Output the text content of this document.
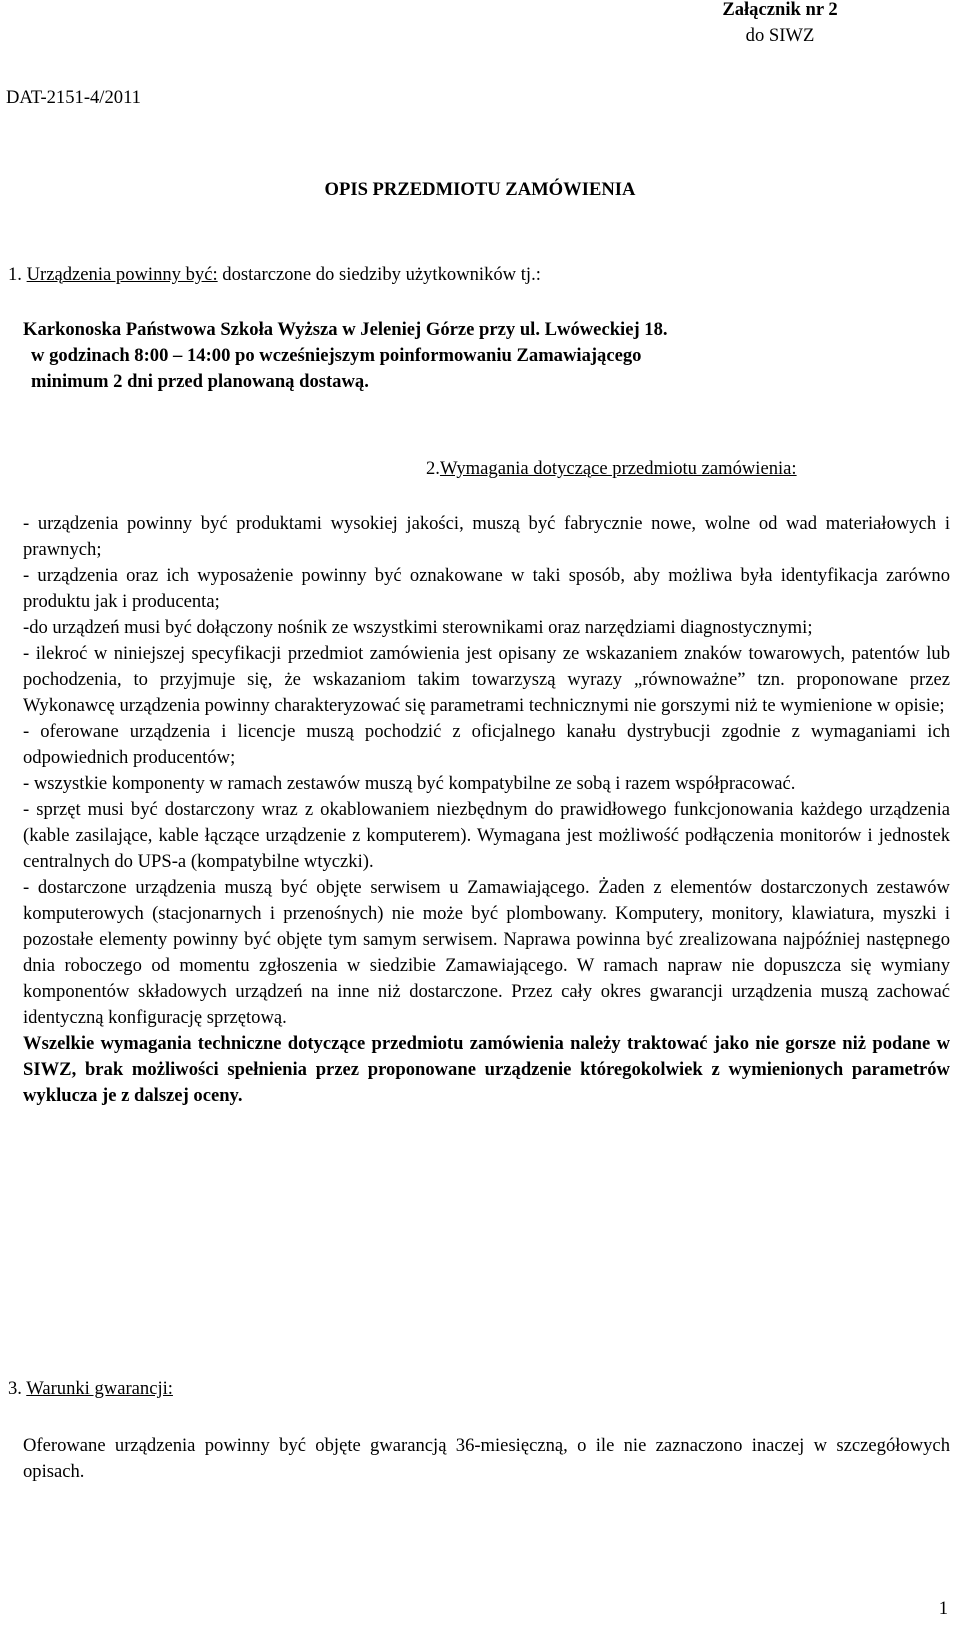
Załącznik nr 2
do SIWZ
DAT-2151-4/2011
OPIS PRZEDMIOTU ZAMÓWIENIA
1. Urządzenia powinny być: dostarczone do siedziby użytkowników tj.:
Karkonoska Państwowa Szkoła Wyższa w Jeleniej Górze przy ul. Lwóweckiej 18.
w godzinach 8:00 – 14:00 po wcześniejszym poinformowaniu Zamawiającego
minimum 2 dni przed planowaną dostawą.
2.Wymagania dotyczące przedmiotu zamówienia:

- urządzenia powinny być produktami wysokiej jakości, muszą być fabrycznie nowe, wolne od wad materiałowych i prawnych;

- urządzenia oraz ich wyposażenie powinny być oznakowane w taki sposób, aby możliwa była identyfikacja zarówno produktu jak i producenta;

-do urządzeń musi być dołączony nośnik ze wszystkimi sterownikami oraz narzędziami diagnostycznymi;

- ilekroć w niniejszej specyfikacji przedmiot zamówienia jest opisany ze wskazaniem znaków towarowych, patentów lub pochodzenia, to przyjmuje się, że wskazaniom takim towarzyszą wyrazy „równoważne” tzn. proponowane przez Wykonawcę urządzenia powinny charakteryzować się parametrami technicznymi nie gorszymi niż te wymienione w opisie;

- oferowane urządzenia i licencje muszą pochodzić z oficjalnego kanału dystrybucji zgodnie z wymaganiami ich odpowiednich producentów;

- wszystkie komponenty w ramach zestawów muszą być kompatybilne ze sobą i razem współpracować.

- sprzęt musi być dostarczony wraz z okablowaniem niezbędnym do prawidłowego funkcjonowania każdego urządzenia (kable zasilające, kable łączące urządzenie z komputerem). Wymagana jest możliwość podłączenia monitorów i jednostek centralnych do UPS-a (kompatybilne wtyczki).

- dostarczone urządzenia muszą być objęte serwisem u Zamawiającego. Żaden z elementów dostarczonych zestawów komputerowych (stacjonarnych i przenośnych) nie może być plombowany. Komputery, monitory, klawiatura, myszki i pozostałe elementy powinny być objęte tym samym serwisem. Naprawa powinna być zrealizowana najpóźniej następnego dnia roboczego od momentu zgłoszenia w siedzibie Zamawiającego. W ramach napraw nie dopuszcza się wymiany komponentów składowych urządzeń na inne niż dostarczone. Przez cały okres gwarancji urządzenia muszą zachować identyczną konfigurację sprzętową.

Wszelkie wymagania techniczne dotyczące przedmiotu zamówienia należy traktować jako nie gorsze niż podane w SIWZ, brak możliwości spełnienia przez proponowane urządzenie któregokolwiek z wymienionych parametrów wyklucza je z dalszej oceny.

3. Warunki gwarancji:
Oferowane urządzenia powinny być objęte gwarancją 36-miesięczną, o ile nie zaznaczono inaczej w szczegółowych opisach.
1
